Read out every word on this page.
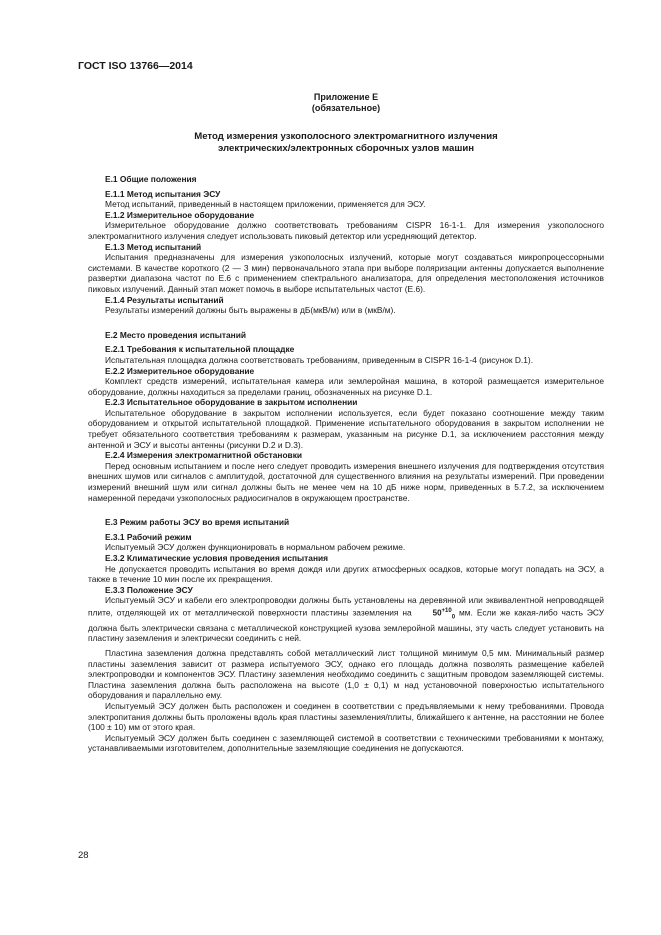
ГОСТ ISO 13766—2014
Приложение Е
(обязательное)
Метод измерения узкополосного электромагнитного излучения
электрических/электронных сборочных узлов машин
Е.1 Общие положения
Е.1.1 Метод испытания ЭСУ

Метод испытаний, приведенный в настоящем приложении, применяется для ЭСУ.

Е.1.2 Измерительное оборудование

Измерительное оборудование должно соответствовать требованиям CISPR 16-1-1. Для измерения узкополосного электромагнитного излучения следует использовать пиковый детектор или усредняющий детектор.

Е.1.3 Метод испытаний

Испытания предназначены для измерения узкополосных излучений, которые могут создаваться микропроцессорными системами. В качестве короткого (2 — 3 мин) первоначального этапа при выборе поляризации антенны допускается выполнение развертки диапазона частот по Е.6 с применением спектрального анализатора, для определения местоположения источников пиковых излучений. Данный этап может помочь в выборе испытательных частот (Е.6).

Е.1.4 Результаты испытаний

Результаты измерений должны быть выражены в дБ(мкВ/м) или в (мкВ/м).

Е.2 Место проведения испытаний
Е.2.1 Требования к испытательной площадке

Испытательная площадка должна соответствовать требованиям, приведенным в CISPR 16-1-4 (рисунок D.1).

Е.2.2 Измерительное оборудование

Комплект средств измерений, испытательная камера или землеройная машина, в которой размещается измерительное оборудование, должны находиться за пределами границ, обозначенных на рисунке D.1.

Е.2.3 Испытательное оборудование в закрытом исполнении

Испытательное оборудование в закрытом исполнении используется, если будет показано соотношение между таким оборудованием и открытой испытательной площадкой. Применение испытательного оборудования в закрытом исполнении не требует обязательного соответствия требованиям к размерам, указанным на рисунке D.1, за исключением расстояния между антенной и ЭСУ и высоты антенны (рисунки D.2 и D.3).

Е.2.4 Измерения электромагнитной обстановки

Перед основным испытанием и после него следует проводить измерения внешнего излучения для подтверждения отсутствия внешних шумов или сигналов с амплитудой, достаточной для существенного влияния на результаты измерений. При проведении измерений внешний шум или сигнал должны быть не менее чем на 10 дБ ниже норм, приведенных в 5.7.2, за исключением намеренной передачи узкополосных радиосигналов в окружающем пространстве.

Е.3 Режим работы ЭСУ во время испытаний
Е.3.1 Рабочий режим

Испытуемый ЭСУ должен функционировать в нормальном рабочем режиме.

Е.3.2 Климатические условия проведения испытания

Не допускается проводить испытания во время дождя или других атмосферных осадков, которые могут попадать на ЭСУ, а также в течение 10 мин после их прекращения.

Е.3.3 Положение ЭСУ

Испытуемый ЭСУ и кабели его электропроводки должны быть установлены на деревянной или эквивалентной непроводящей плите, отделяющей их от металлической поверхности пластины заземления на	$50^{+10}_0$ мм. Если же какая-либо часть ЭСУ должна быть электрически связана с металлической конструкцией кузова землеройной машины, эту часть следует установить на пластину заземления и электрически соединить с ней.

Пластина заземления должна представлять собой металлический лист толщиной минимум 0,5 мм. Минимальный размер пластины заземления зависит от размера испытуемого ЭСУ, однако его площадь должна позволять размещение кабелей электропроводки и компонентов ЭСУ. Пластину заземления необходимо соединить с защитным проводом заземляющей системы. Пластина заземления должна быть расположена на высоте (1,0 ± 0,1) м над установочной поверхностью испытательного оборудования и параллельно ему.

Испытуемый ЭСУ должен быть расположен и соединен в соответствии с предъявляемыми к нему требованиями. Провода электропитания должны быть проложены вдоль края пластины заземления/плиты, ближайшего к антенне, на расстоянии не более (100 ± 10) мм от этого края.

Испытуемый ЭСУ должен быть соединен с заземляющей системой в соответствии с техническими требованиями к монтажу, устанавливаемыми изготовителем, дополнительные заземляющие соединения не допускаются.

28
